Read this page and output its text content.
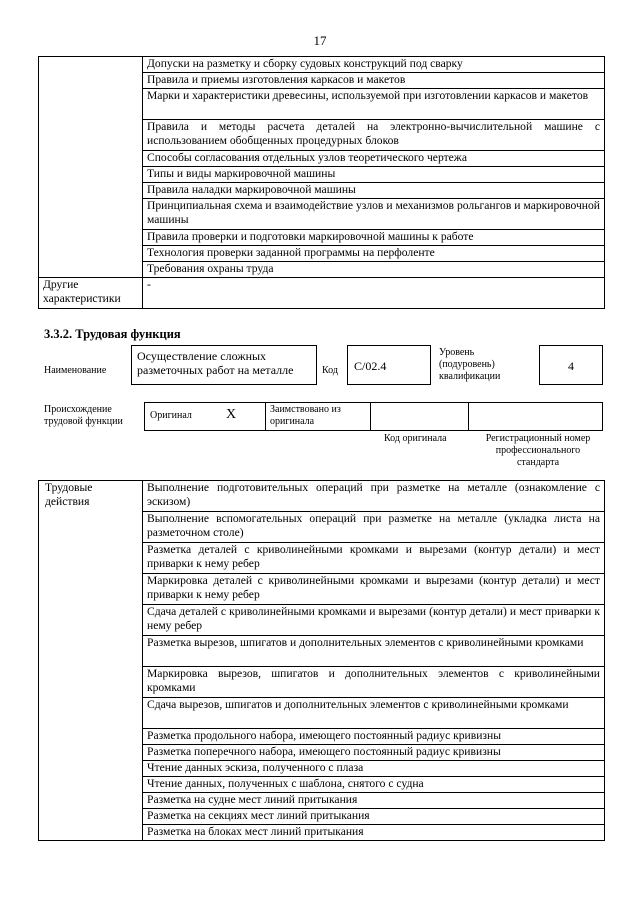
17
	Допуски на разметку и сборку судовых конструкций под сварку
	Правила и приемы изготовления каркасов и макетов
	Марки и характеристики древесины, используемой при изготовлении каркасов и макетов
	Правила и методы расчета деталей на электронно-вычислительной машине с использованием обобщенных процедурных блоков
	Способы согласования отдельных узлов теоретического чертежа
	Типы и виды маркировочной машины
	Правила наладки маркировочной машины
	Принципиальная схема и взаимодействие узлов и механизмов рольгангов и маркировочной машины
	Правила проверки и подготовки маркировочной машины к работе
	Технология проверки заданной программы на перфоленте
	Требования охраны труда
Другие характеристики	-
3.3.2. Трудовая функция
Наименование
Осуществление сложных разметочных работ на металле	Код	С/02.4
Уровень (подуровень) квалификации
4
Происхождение трудовой функции
Оригинал X	Заимствовано из оригинала
Код оригинала	Регистрационный номер профессионального стандарта
Трудовые действия	Выполнение подготовительных операций при разметке на металле (ознакомление с эскизом)
Выполнение вспомогательных операций при разметке на металле (укладка листа на разметочном столе)
Разметка деталей с криволинейными кромками и вырезами (контур детали) и мест приварки к нему ребер
Маркировка деталей с криволинейными кромками и вырезами (контур детали) и мест приварки к нему ребер
Сдача деталей с криволинейными кромками и вырезами (контур детали) и мест приварки к нему ребер
Разметка вырезов, шпигатов и дополнительных элементов с криволинейными кромками
Маркировка вырезов, шпигатов и дополнительных элементов с криволинейными кромками
Сдача вырезов, шпигатов и дополнительных элементов с криволинейными кромками
Разметка продольного набора, имеющего постоянный радиус кривизны
Разметка поперечного набора, имеющего постоянный радиус кривизны
Чтение данных эскиза, полученного с плаза
Чтение данных, полученных с шаблона, снятого с судна
Разметка на судне мест линий притыкания
Разметка на секциях мест линий притыкания
Разметка на блоках мест линий притыкания
